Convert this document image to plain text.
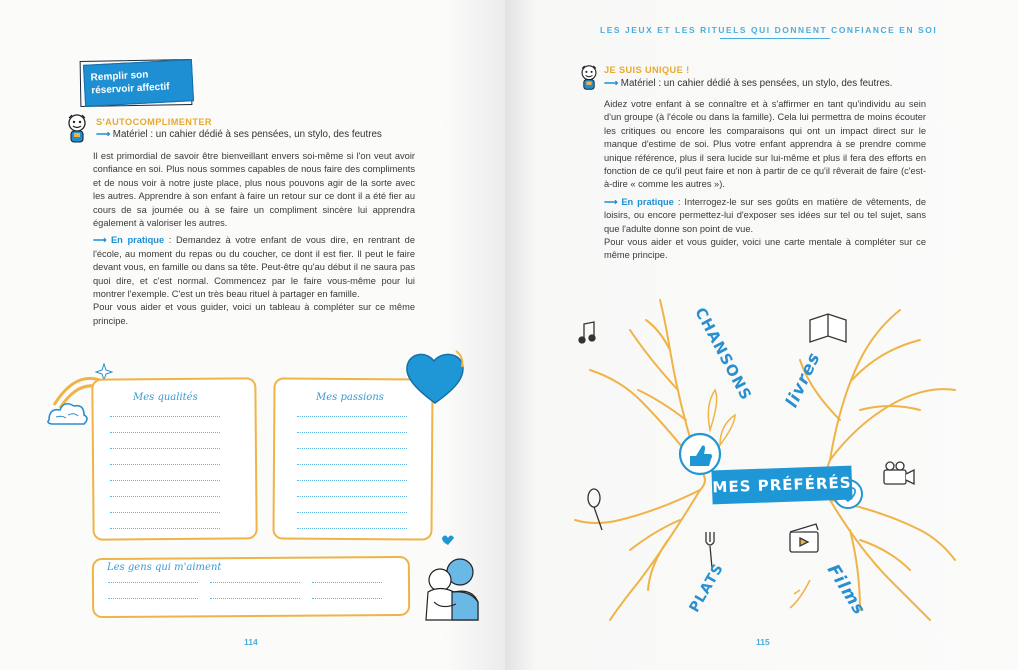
LES JEUX ET LES RITUELS QUI DONNENT CONFIANCE EN SOI
Remplir son
réservoir affectif
S'AUTOCOMPLIMENTER
⟶ Matériel : un cahier dédié à ses pensées, un stylo, des feutres

Il est primordial de savoir être bienveillant envers soi-même si l'on veut avoir confiance en soi. Plus nous sommes capables de nous faire des compliments et de nous voir à notre juste place, plus nous pouvons agir de la sorte avec les autres. Apprendre à son enfant à faire un retour sur ce dont il a été fier au cours de sa journée ou à se faire un compliment sincère lui apprendra également à valoriser les autres.

⟶ En pratique : Demandez à votre enfant de vous dire, en rentrant de l'école, au moment du repas ou du coucher, ce dont il est fier. Il peut le faire devant vous, en famille ou dans sa tête. Peut-être qu'au début il ne saura pas quoi dire, et c'est normal. Commencez par le faire vous-même pour lui montrer l'exemple. C'est un très beau rituel à partager en famille.

Pour vous aider et vous guider, voici un tableau à compléter sur ce même principe.

Mes qualités	Mes passions
Les gens qui m'aiment
114
JE SUIS UNIQUE !
⟶ Matériel : un cahier dédié à ses pensées, un stylo, des feutres.

Aidez votre enfant à se connaître et à s'affirmer en tant qu'individu au sein d'un groupe (à l'école ou dans la famille). Cela lui permettra de moins écouter les critiques ou encore les comparaisons qui ont un impact direct sur le manque d'estime de soi. Plus votre enfant apprendra à se prendre comme unique référence, plus il sera lucide sur lui-même et plus il fera des efforts en fonction de ce qu'il peut faire et non à partir de ce qu'il rêverait de faire (c'est-à-dire « comme les autres »).

⟶ En pratique : Interrogez-le sur ses goûts en matière de vêtements, de loisirs, ou encore permettez-lui d'exposer ses idées sur tel ou tel sujet, sans que l'adulte donne son point de vue.

Pour vous aider et vous guider, voici une carte mentale à compléter sur ce même principe.

MES PRÉFÉRÉS
CHANSONS livres
PLATS	Films
115
